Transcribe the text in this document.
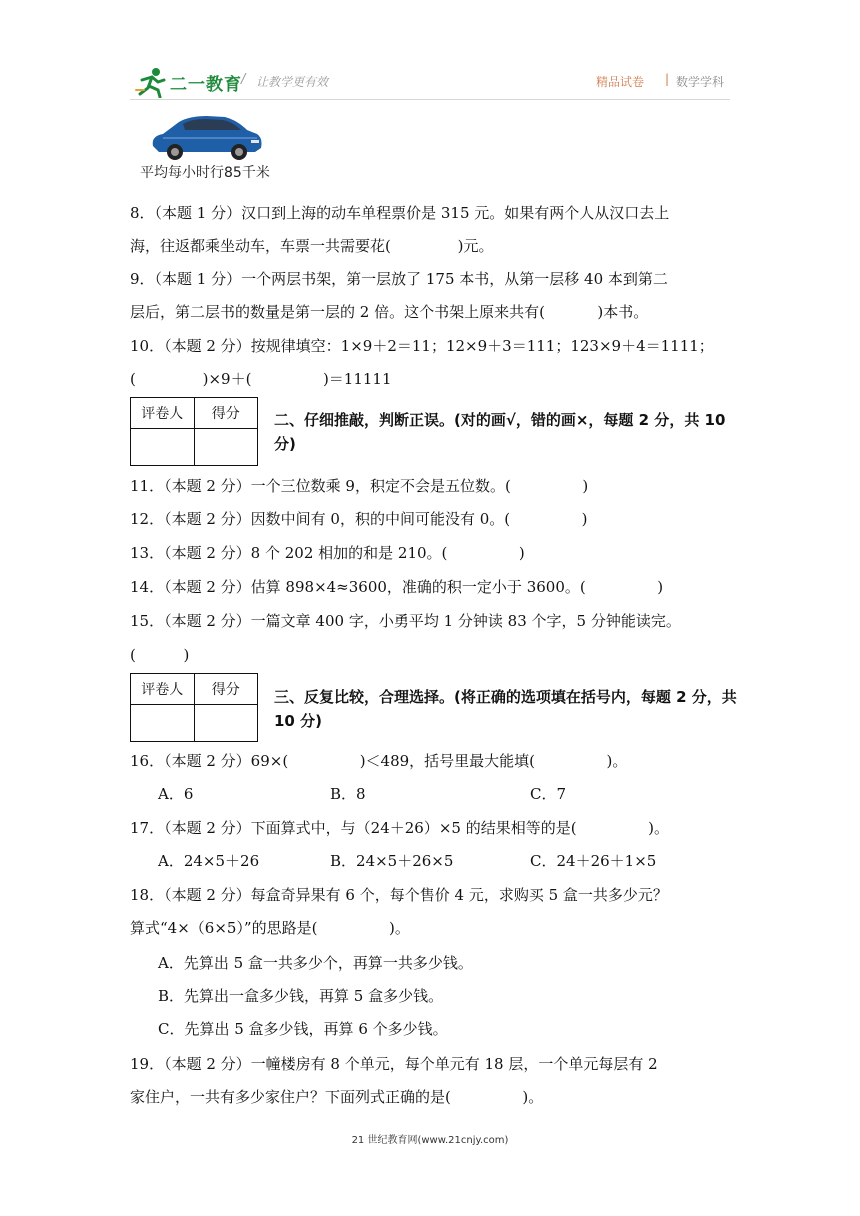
二一教育 / 让教学更有效	精品试卷 | 数学学科
平均每小时行85千米
8．（本题 1 分）汉口到上海的动车单程票价是 315 元。如果有两个人从汉口去上
海，往返都乘坐动车，车票一共需要花(              )元。
9．（本题 1 分）一个两层书架，第一层放了 175 本书，从第一层移 40 本到第二
层后，第二层书的数量是第一层的 2 倍。这个书架上原来共有(           )本书。
10．（本题 2 分）按规律填空：1×9＋2＝11；12×9＋3＝111；123×9＋4＝1111；
(              )×9＋(               )＝11111
评卷人	得分
	二、仔细推敲，判断正误。(对的画√，错的画×，每题 2 分，共 10 分)
11．（本题 2 分）一个三位数乘 9，积定不会是五位数。(               )
12．（本题 2 分）因数中间有 0，积的中间可能没有 0。(               )
13．（本题 2 分）8 个 202 相加的和是 210。(               )
14．（本题 2 分）估算 898×4≈3600，准确的积一定小于 3600。(               )
15．（本题 2 分）一篇文章 400 字，小勇平均 1 分钟读 83 个字，5 分钟能读完。
(          )
评卷人	得分
	三、反复比较，合理选择。(将正确的选项填在括号内，每题 2 分，共 10 分)
16．（本题 2 分）69×(               )＜489，括号里最大能填(               )。
A．6	B．8	C．7
17．（本题 2 分）下面算式中，与（24＋26）×5 的结果相等的是(               )。
A．24×5＋26	B．24×5＋26×5	C．24＋26＋1×5
18．（本题 2 分）每盒奇异果有 6 个，每个售价 4 元，求购买 5 盒一共多少元？
算式“4×（6×5）”的思路是(               )。
A．先算出 5 盒一共多少个，再算一共多少钱。
B．先算出一盒多少钱，再算 5 盒多少钱。
C．先算出 5 盒多少钱，再算 6 个多少钱。
19．（本题 2 分）一幢楼房有 8 个单元，每个单元有 18 层，一个单元每层有 2
家住户，一共有多少家住户？下面列式正确的是(               )。
21 世纪教育网(www.21cnjy.com)
